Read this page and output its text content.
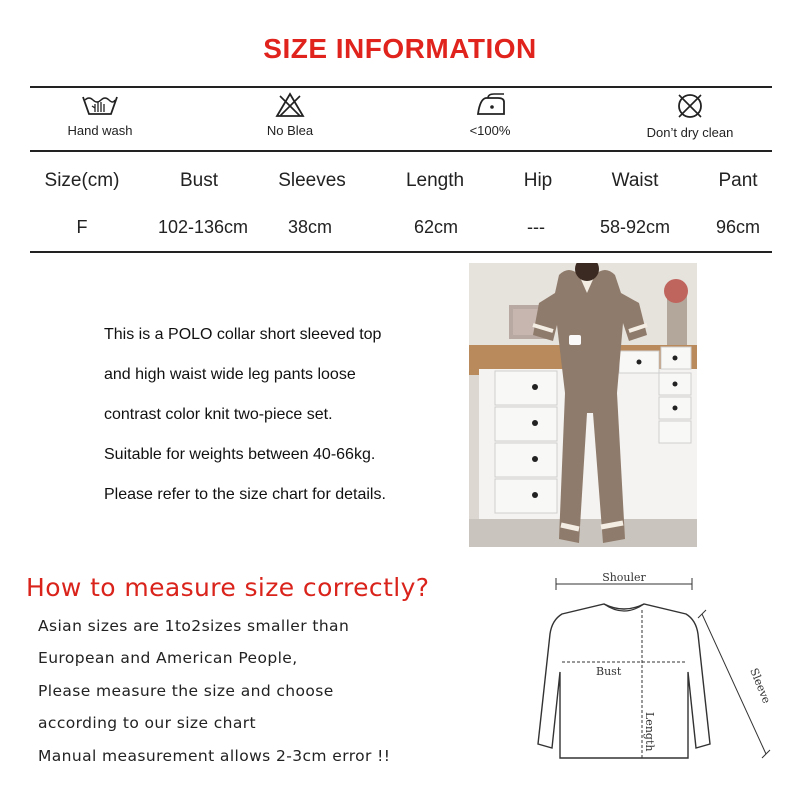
SIZE INFORMATION
Hand wash	No Blea	<100%	Don’t dry clean
Size(cm)	Bust	Sleeves	Length	Hip	Waist	Pant
F	102-136cm	38cm	62cm	---	58-92cm	96cm

This is a POLO collar short sleeved top

and high waist wide leg pants loose

contrast color knit two-piece set.

Suitable for weights between 40-66kg.

Please refer to the size chart for details.

How to measure size correctly?

Asian sizes are 1to2sizes smaller than

European and American People,

Please measure the size and choose

according to our size chart

Manual measurement allows 2-3cm error !!

Shouler
Bust
Length
Sleeve
